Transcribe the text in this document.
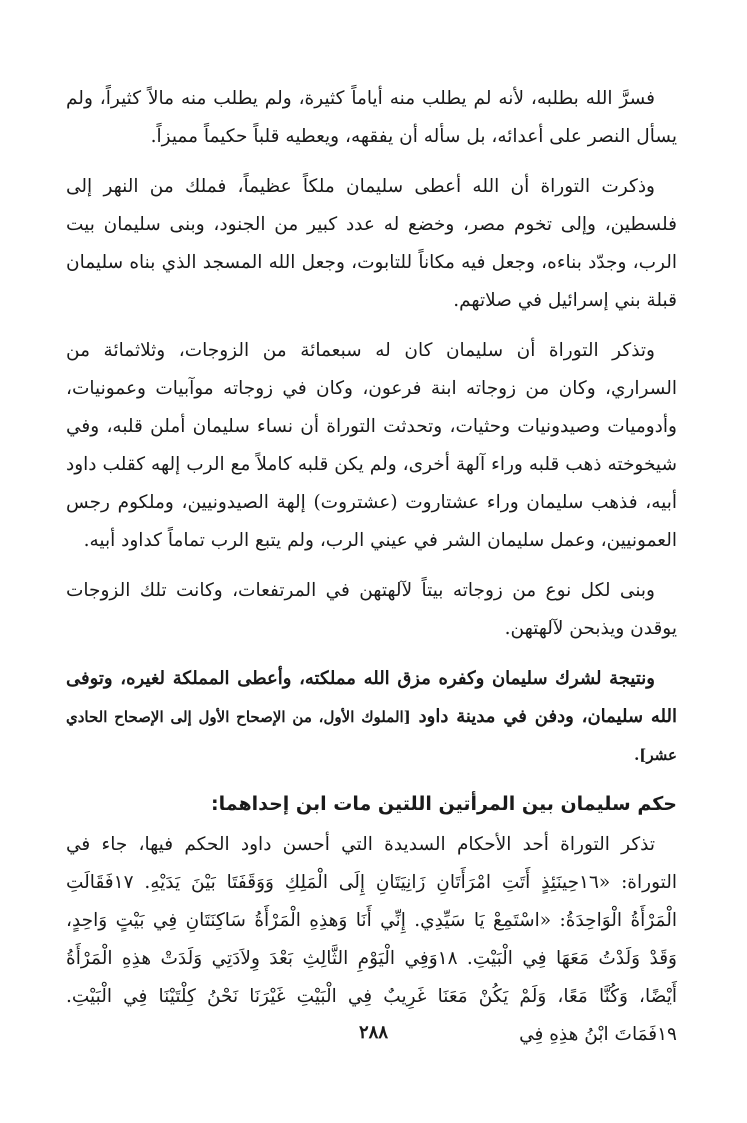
فسرَّ الله بطلبه، لأنه لم يطلب منه أياماً كثيرة، ولم يطلب منه مالاً كثيراً، ولم يسأل النصر على أعدائه، بل سأله أن يفقهه، ويعطيه قلباً حكيماً مميزاً.

وذكرت التوراة أن الله أعطى سليمان ملكاً عظيماً، فملك من النهر إلى فلسطين، وإلى تخوم مصر، وخضع له عدد كبير من الجنود، وبنى سليمان بيت الرب، وجدّد بناءه، وجعل فيه مكاناً للتابوت، وجعل الله المسجد الذي بناه سليمان قبلة بني إسرائيل في صلاتهم.

وتذكر التوراة أن سليمان كان له سبعمائة من الزوجات، وثلاثمائة من السراري، وكان من زوجاته ابنة فرعون، وكان في زوجاته موآبيات وعمونيات، وأدوميات وصيدونيات وحثيات، وتحدثت التوراة أن نساء سليمان أملن قلبه، وفي شيخوخته ذهب قلبه وراء آلهة أخرى، ولم يكن قلبه كاملاً مع الرب إلهه كقلب داود أبيه، فذهب سليمان وراء عشتاروت (عشتروت) إلهة الصيدونيين، وملكوم رجس العمونيين، وعمل سليمان الشر في عيني الرب، ولم يتبع الرب تماماً كداود أبيه.

وبنى لكل نوع من زوجاته بيتاً لآلهتهن في المرتفعات، وكانت تلك الزوجات يوقدن ويذبحن لآلهتهن.

ونتيجة لشرك سليمان وكفره مزق الله مملكته، وأعطى المملكة لغيره، وتوفى الله سليمان، ودفن في مدينة داود [الملوك الأول، من الإصحاح الأول إلى الإصحاح الحادي عشر].

حكم سليمان بين المرأتين اللتين مات ابن إحداهما:

تذكر التوراة أحد الأحكام السديدة التي أحسن داود الحكم فيها، جاء في التوراة: «١٦حِينَئِذٍ أَتَتِ امْرَأَتَانِ زَانِيَتَانِ إِلَى الْمَلِكِ وَوَقَفَتَا بَيْنَ يَدَيْهِ. ١٧فَقَالَتِ الْمَرْأَةُ الْوَاحِدَةُ: «اسْتَمِعْ يَا سَيِّدِي. إِنِّي أَنَا وَهذِهِ الْمَرْأَةُ سَاكِنَتَانِ فِي بَيْتٍ وَاحِدٍ، وَقَدْ وَلَدْتُ مَعَهَا فِي الْبَيْتِ. ١٨وَفِي الْيَوْمِ الثَّالِثِ بَعْدَ وِلاَدَتِي وَلَدَتْ هذِهِ الْمَرْأَةُ أَيْضًا، وَكُنَّا مَعًا، وَلَمْ يَكُنْ مَعَنَا غَرِيبٌ فِي الْبَيْتِ غَيْرَنَا نَحْنُ كِلْتَيْنَا فِي الْبَيْتِ. ١٩فَمَاتَ ابْنُ هذِهِ فِي

٢٨٨
